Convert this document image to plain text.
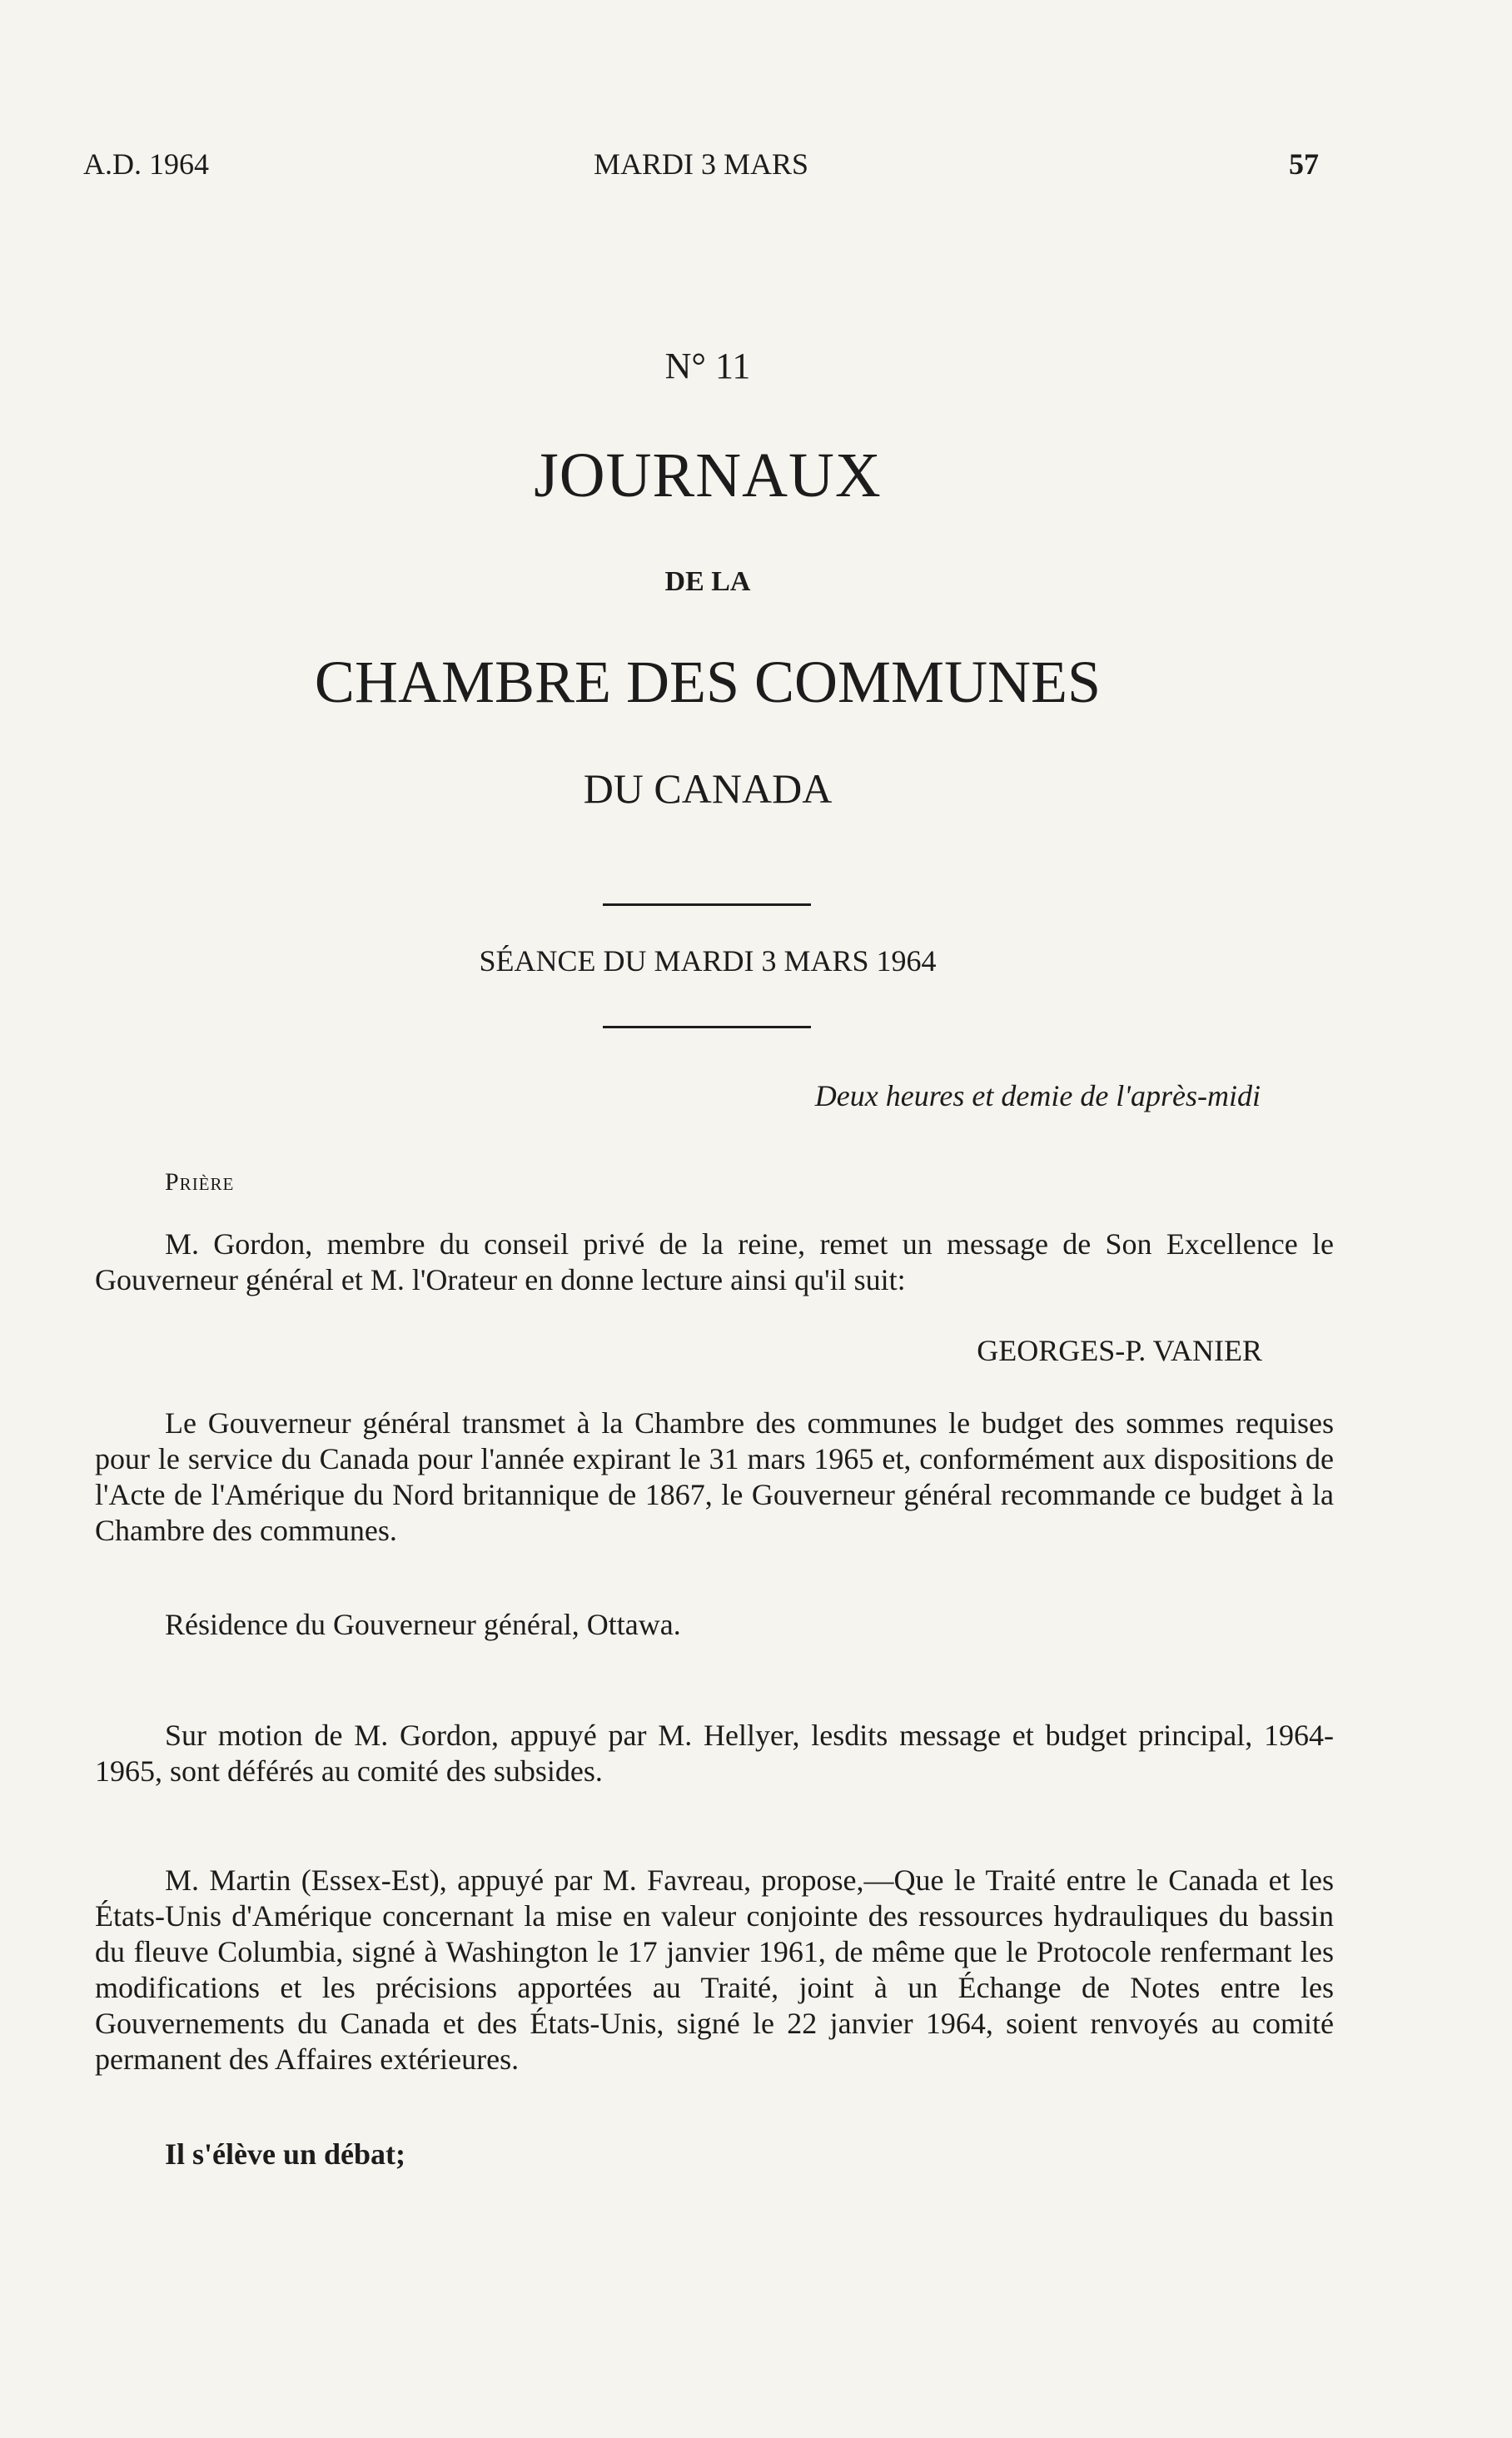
A.D. 1964	MARDI 3 MARS	57
N° 11
JOURNAUX
DE LA
CHAMBRE DES COMMUNES
DU CANADA
SÉANCE DU MARDI 3 MARS 1964
Deux heures et demie de l'après-midi
Prière

M. Gordon, membre du conseil privé de la reine, remet un message de Son Excellence le Gouverneur général et M. l'Orateur en donne lecture ainsi qu'il suit:

GEORGES-P. VANIER

Le Gouverneur général transmet à la Chambre des communes le budget des sommes requises pour le service du Canada pour l'année expirant le 31 mars 1965 et, conformément aux dispositions de l'Acte de l'Amérique du Nord britannique de 1867, le Gouverneur général recommande ce budget à la Chambre des communes.

Résidence du Gouverneur général, Ottawa.

Sur motion de M. Gordon, appuyé par M. Hellyer, lesdits message et budget principal, 1964-1965, sont déférés au comité des subsides.

M. Martin (Essex-Est), appuyé par M. Favreau, propose,—Que le Traité entre le Canada et les États-Unis d'Amérique concernant la mise en valeur conjointe des ressources hydrauliques du bassin du fleuve Columbia, signé à Washington le 17 janvier 1961, de même que le Protocole renfermant les modifications et les précisions apportées au Traité, joint à un Échange de Notes entre les Gouvernements du Canada et des États-Unis, signé le 22 janvier 1964, soient renvoyés au comité permanent des Affaires extérieures.

Il s'élève un débat;
